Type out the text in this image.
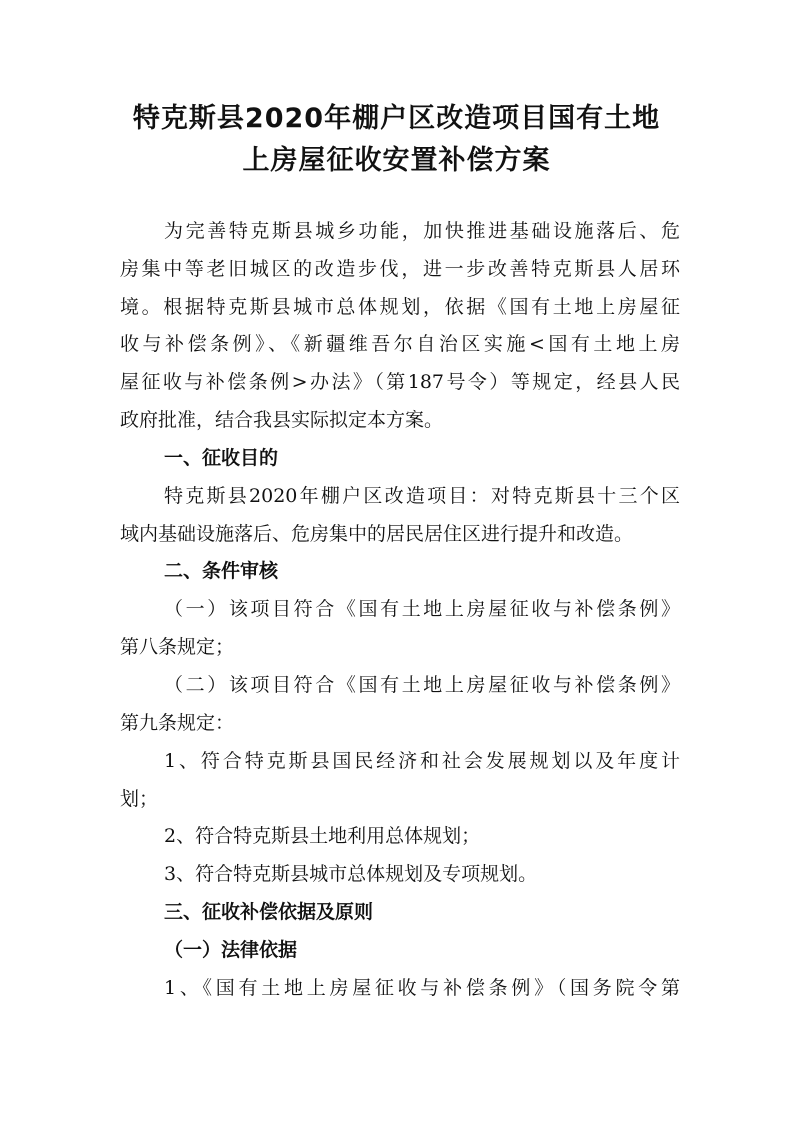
特克斯县2020年棚户区改造项目国有土地
上房屋征收安置补偿方案
为完善特克斯县城乡功能，加快推进基础设施落后、危
房集中等老旧城区的改造步伐，进一步改善特克斯县人居环
境。根据特克斯县城市总体规划，依据《国有土地上房屋征
收与补偿条例》、《新疆维吾尔自治区实施<国有土地上房
屋征收与补偿条例>办法》（第187号令）等规定，经县人民
政府批准，结合我县实际拟定本方案。
一、征收目的
特克斯县2020年棚户区改造项目：对特克斯县十三个区
域内基础设施落后、危房集中的居民居住区进行提升和改造。
二、条件审核
（一）该项目符合《国有土地上房屋征收与补偿条例》
第八条规定；
（二）该项目符合《国有土地上房屋征收与补偿条例》
第九条规定：
1、符合特克斯县国民经济和社会发展规划以及年度计
划；
2、符合特克斯县土地利用总体规划；
3、符合特克斯县城市总体规划及专项规划。
三、征收补偿依据及原则
（一）法律依据
1、《国有土地上房屋征收与补偿条例》（国务院令第
